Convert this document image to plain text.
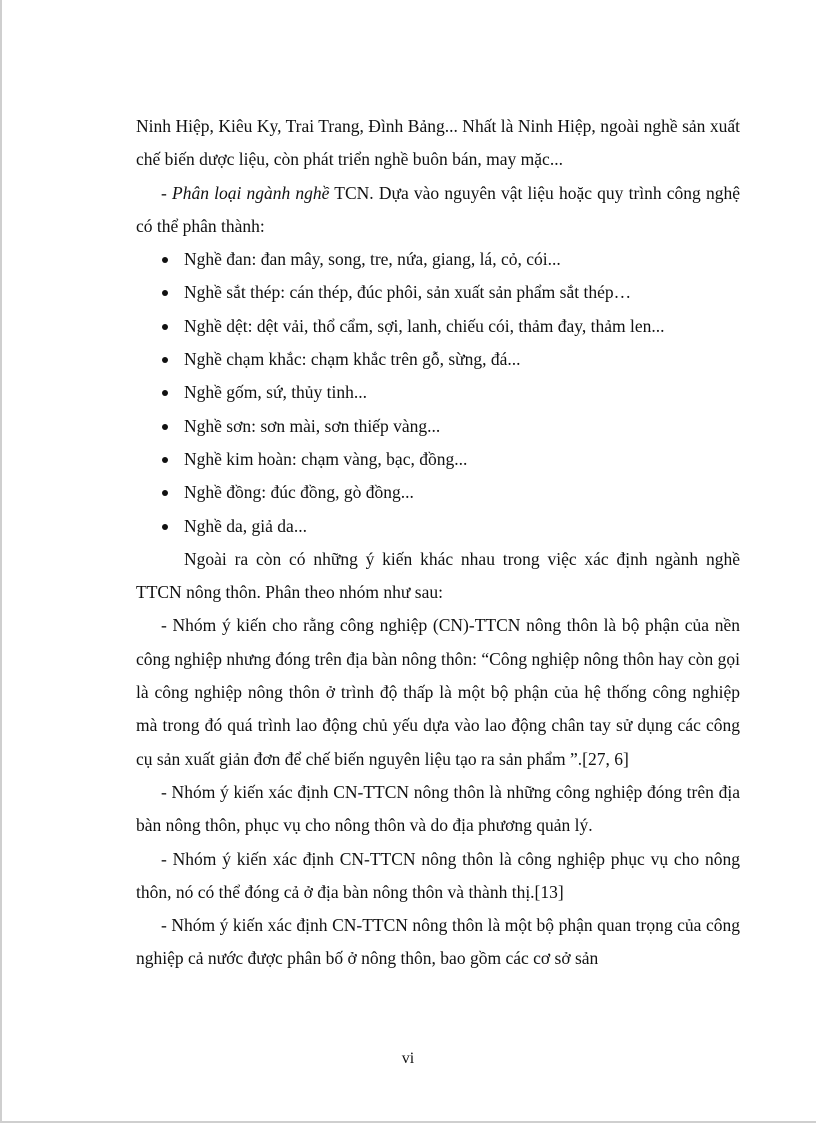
Ninh Hiệp, Kiêu Ky, Trai Trang, Đình Bảng... Nhất là Ninh Hiệp, ngoài nghề sản xuất chế biến dược liệu, còn phát triển nghề buôn bán, may mặc...

- Phân loại ngành nghề TCN. Dựa vào nguyên vật liệu hoặc quy trình công nghệ có thể phân thành:

Nghề đan: đan mây, song, tre, nứa, giang, lá, cỏ, cói...
Nghề sắt thép: cán thép, đúc phôi, sản xuất sản phẩm sắt thép…
Nghề dệt: dệt vải, thổ cẩm, sợi, lanh, chiếu cói, thảm đay, thảm len...
Nghề chạm khắc: chạm khắc trên gỗ, sừng, đá...
Nghề gốm, sứ, thủy tinh...
Nghề sơn: sơn mài, sơn thiếp vàng...
Nghề kim hoàn: chạm vàng, bạc, đồng...
Nghề đồng: đúc đồng, gò đồng...
Nghề da, giả da...

Ngoài ra còn có những ý kiến khác nhau trong việc xác định ngành nghề TTCN nông thôn. Phân theo nhóm như sau:

- Nhóm ý kiến cho rằng công nghiệp (CN)-TTCN nông thôn là bộ phận của nền công nghiệp nhưng đóng trên địa bàn nông thôn: “Công nghiệp nông thôn hay còn gọi là công nghiệp nông thôn ở trình độ thấp là một bộ phận của hệ thống công nghiệp mà trong đó quá trình lao động chủ yếu dựa vào lao động chân tay sử dụng các công cụ sản xuất giản đơn để chế biến nguyên liệu tạo ra sản phẩm ”.[27, 6]

- Nhóm ý kiến xác định CN-TTCN nông thôn là những công nghiệp đóng trên địa bàn nông thôn, phục vụ cho nông thôn và do địa phương quản lý.

- Nhóm ý kiến xác định CN-TTCN nông thôn là công nghiệp phục vụ cho nông thôn, nó có thể đóng cả ở địa bàn nông thôn và thành thị.[13]

- Nhóm ý kiến xác định CN-TTCN nông thôn là một bộ phận quan trọng của công nghiệp cả nước được phân bố ở nông thôn, bao gồm các cơ sở sản

vi
